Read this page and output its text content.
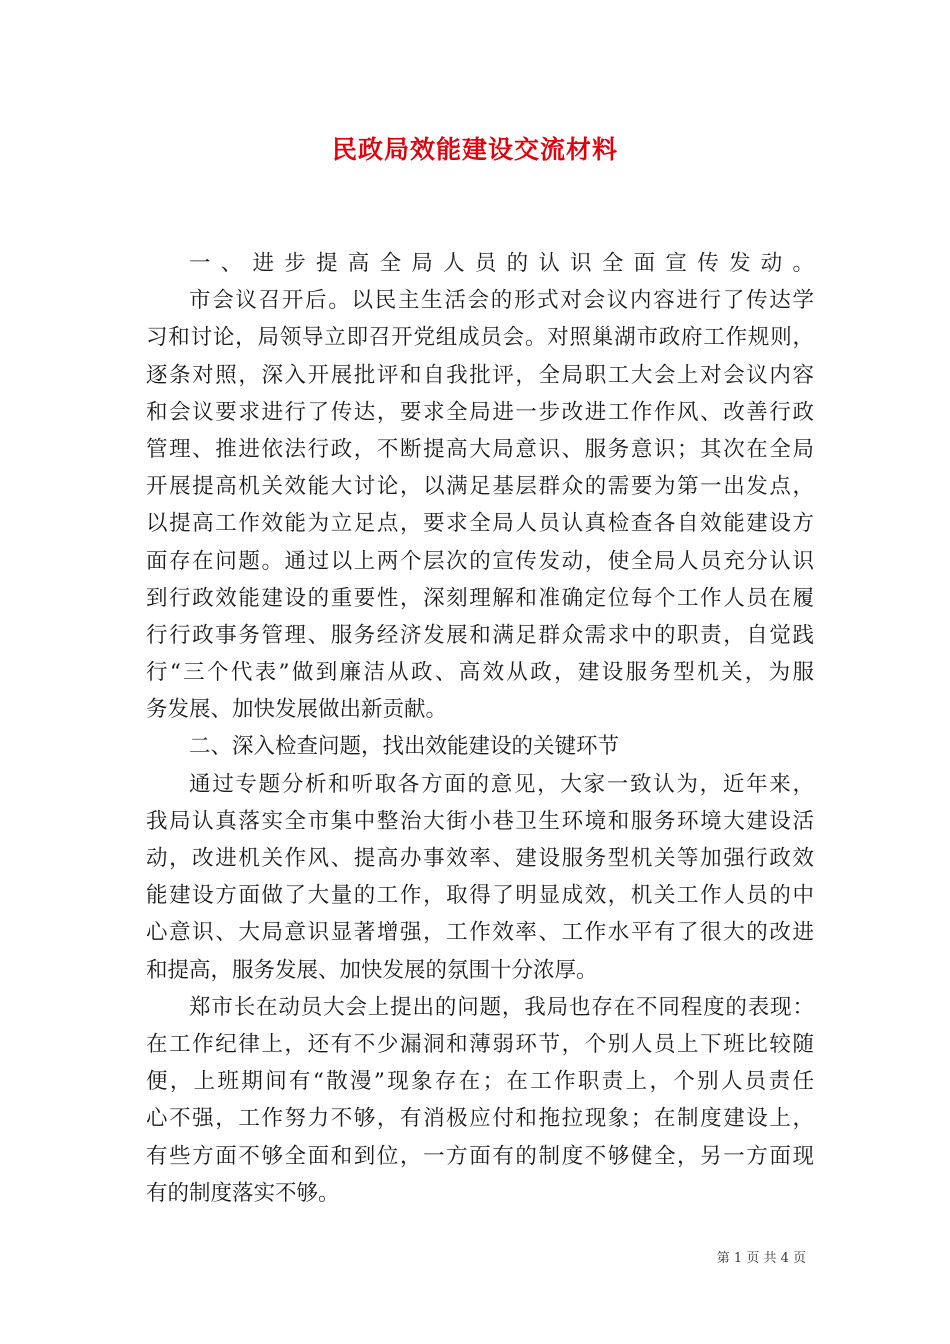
民政局效能建设交流材料
一、进步提高全局人员的认识全面宣传发动。
市会议召开后。以民主生活会的形式对会议内容进行了传达学
习和讨论，局领导立即召开党组成员会。对照巢湖市政府工作规则，
逐条对照，深入开展批评和自我批评，全局职工大会上对会议内容
和会议要求进行了传达，要求全局进一步改进工作作风、改善行政
管理、推进依法行政，不断提高大局意识、服务意识；其次在全局
开展提高机关效能大讨论，以满足基层群众的需要为第一出发点，
以提高工作效能为立足点，要求全局人员认真检查各自效能建设方
面存在问题。通过以上两个层次的宣传发动，使全局人员充分认识
到行政效能建设的重要性，深刻理解和准确定位每个工作人员在履
行行政事务管理、服务经济发展和满足群众需求中的职责，自觉践
行“三个代表”做到廉洁从政、高效从政，建设服务型机关，为服
务发展、加快发展做出新贡献。
二、深入检查问题，找出效能建设的关键环节
通过专题分析和听取各方面的意见，大家一致认为，近年来，
我局认真落实全市集中整治大街小巷卫生环境和服务环境大建设活
动，改进机关作风、提高办事效率、建设服务型机关等加强行政效
能建设方面做了大量的工作，取得了明显成效，机关工作人员的中
心意识、大局意识显著增强，工作效率、工作水平有了很大的改进
和提高，服务发展、加快发展的氛围十分浓厚。
郑市长在动员大会上提出的问题，我局也存在不同程度的表现：
在工作纪律上，还有不少漏洞和薄弱环节，个别人员上下班比较随
便，上班期间有“散漫”现象存在；在工作职责上，个别人员责任
心不强，工作努力不够，有消极应付和拖拉现象；在制度建设上，
有些方面不够全面和到位，一方面有的制度不够健全，另一方面现
有的制度落实不够。
第 1 页 共 4 页
